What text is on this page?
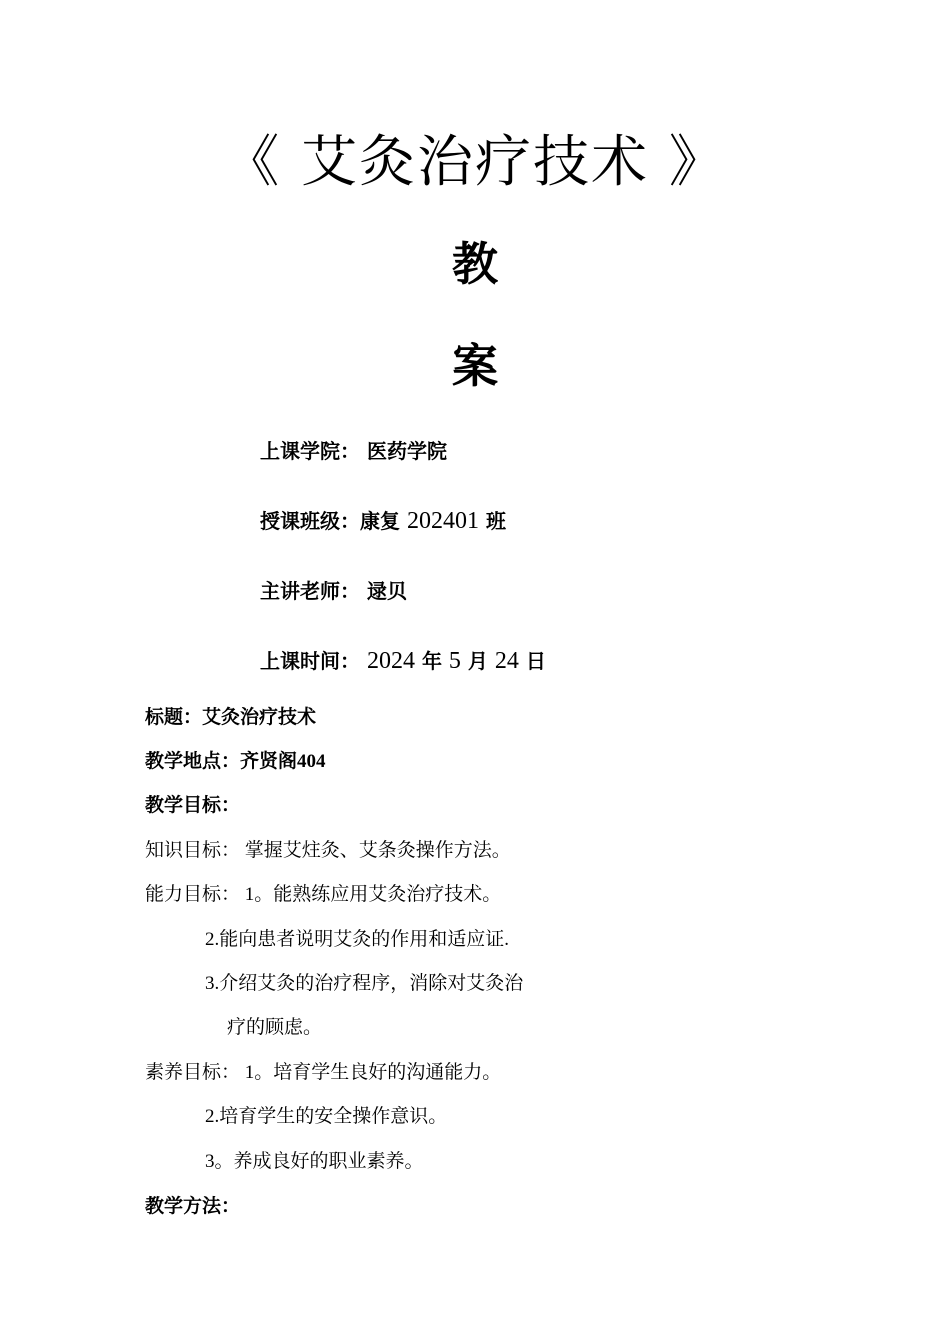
《 艾灸治疗技术 》
教
案
上课学院： 医药学院
授课班级：康复 202401 班
主讲老师： 逯贝
上课时间： 2024 年 5 月 24 日
标题：艾灸治疗技术
教学地点：齐贤阁404
教学目标：
知识目标： 掌握艾炷灸、艾条灸操作方法。
能力目标： 1。能熟练应用艾灸治疗技术。
2.能向患者说明艾灸的作用和适应证.
3.介绍艾灸的治疗程序，消除对艾灸治
疗的顾虑。
素养目标： 1。培育学生良好的沟通能力。
2.培育学生的安全操作意识。
3。养成良好的职业素养。
教学方法：
